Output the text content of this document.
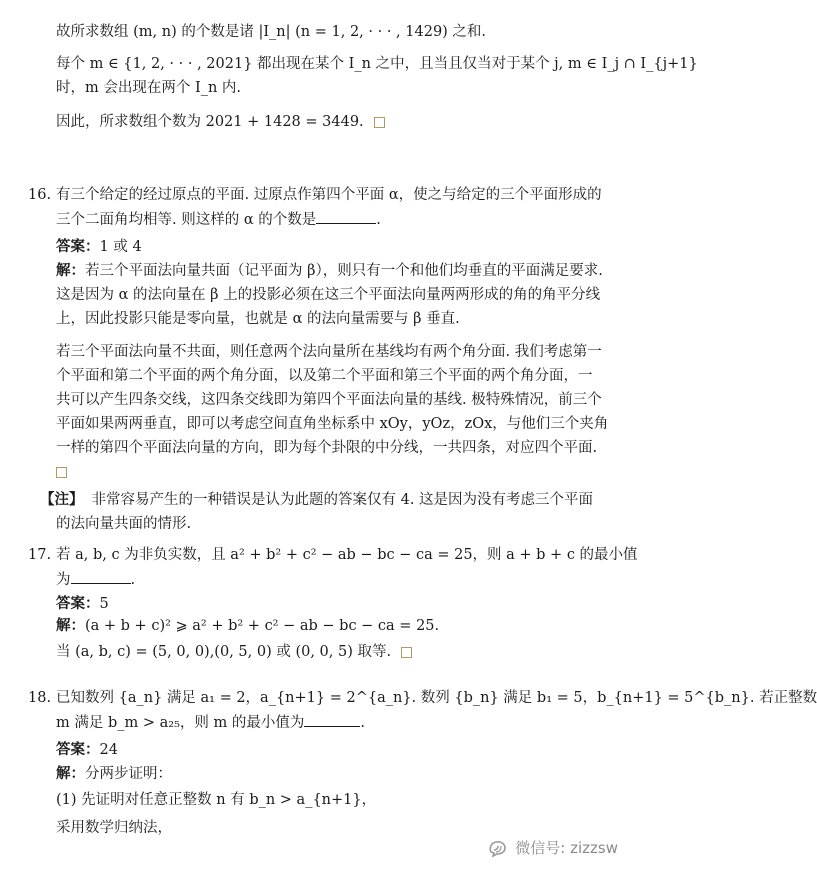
故所求数组 (m, n) 的个数是诸 |I_n| (n = 1, 2, · · · , 1429) 之和.
每个 m ∈ {1, 2, · · · , 2021} 都出现在某个 I_n 之中，且当且仅当对于某个 j, m ∈ I_j ∩ I_{j+1}
时，m 会出现在两个 I_n 内.
因此，所求数组个数为 2021 + 1428 = 3449.
16. 有三个给定的经过原点的平面. 过原点作第四个平面 α，使之与给定的三个平面形成的
三个二面角均相等. 则这样的 α 的个数是	.
答案：1 或 4
解：若三个平面法向量共面（记平面为 β），则只有一个和他们均垂直的平面满足要求.
这是因为 α 的法向量在 β 上的投影必须在这三个平面法向量两两形成的角的角平分线
上，因此投影只能是零向量，也就是 α 的法向量需要与 β 垂直.
若三个平面法向量不共面，则任意两个法向量所在基线均有两个角分面. 我们考虑第一
个平面和第二个平面的两个角分面，以及第二个平面和第三个平面的两个角分面，一
共可以产生四条交线，这四条交线即为第四个平面法向量的基线. 极特殊情况，前三个
平面如果两两垂直，即可以考虑空间直角坐标系中 xOy，yOz，zOx，与他们三个夹角
一样的第四个平面法向量的方向，即为每个卦限的中分线，一共四条，对应四个平面.
【注】 非常容易产生的一种错误是认为此题的答案仅有 4. 这是因为没有考虑三个平面
的法向量共面的情形.
17. 若 a, b, c 为非负实数，且 a² + b² + c² − ab − bc − ca = 25，则 a + b + c 的最小值
为	.
答案：5
解：(a + b + c)² ⩾ a² + b² + c² − ab − bc − ca = 25.
当 (a, b, c) = (5, 0, 0),(0, 5, 0) 或 (0, 0, 5) 取等.
18. 已知数列 {a_n} 满足 a₁ = 2，a_{n+1} = 2^{a_n}. 数列 {b_n} 满足 b₁ = 5，b_{n+1} = 5^{b_n}. 若正整数
m 满足 b_m > a₂₅，则 m 的最小值为	.
答案：24
解：分两步证明：
(1) 先证明对任意正整数 n 有 b_n > a_{n+1}，
采用数学归纳法，
微信号: zizzsw
